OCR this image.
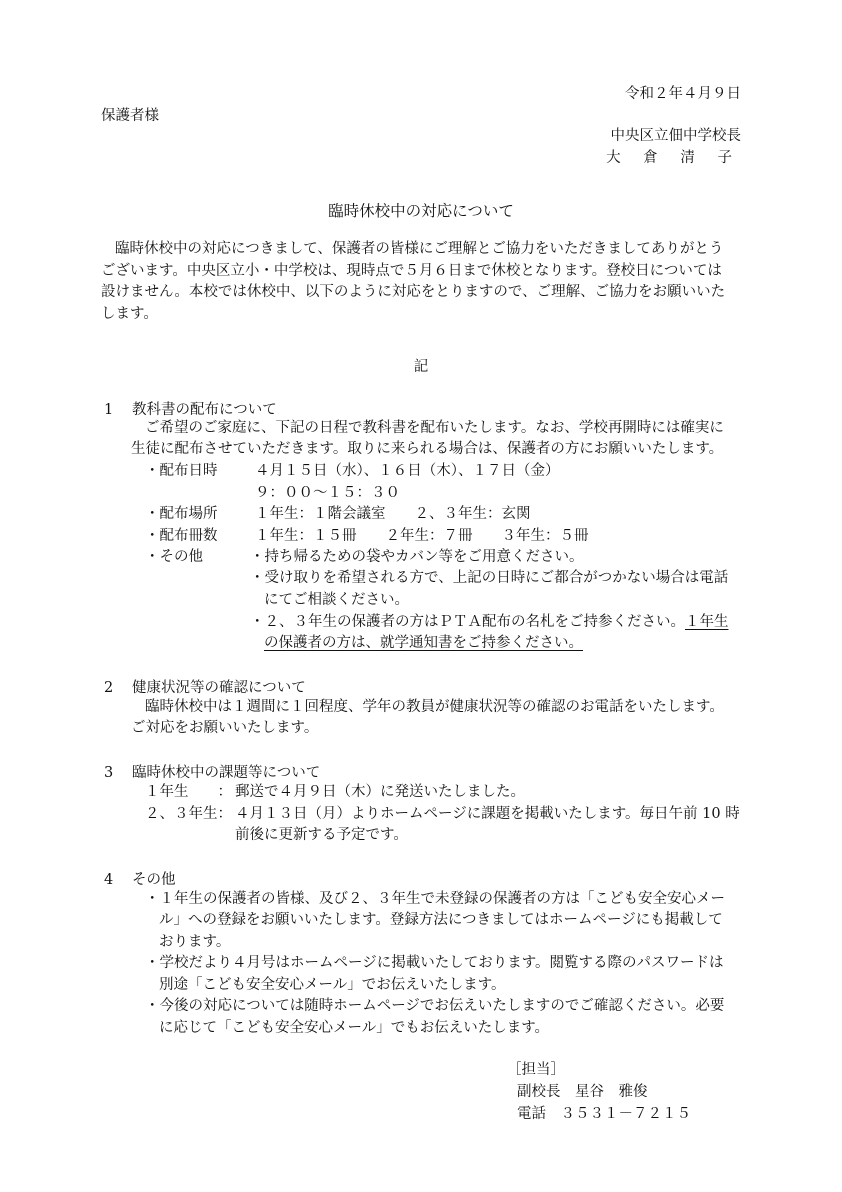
令和２年４月９日
保護者様
中央区立佃中学校長
大 倉 清 子
臨時休校中の対応について

臨時休校中の対応につきまして、保護者の皆様にご理解とご協力をいただきましてありがとう

ございます。中央区立小・中学校は、現時点で５月６日まで休校となります。登校日については

設けません。本校では休校中、以下のように対応をとりますので、ご理解、ご協力をお願いいた

します。

記
1 教科書の配布について
ご希望のご家庭に、下記の日程で教科書を配布いたします。なお、学校再開時には確実に
生徒に配布させていただきます。取りに来られる場合は、保護者の方にお願いいたします。
・配布日時	４月１５日（水）、１６日（木）、１７日（金）
９：００～１５：３０
・配布場所	１年生：１階会議室　　２、３年生：玄関
・配布冊数	１年生：１５冊　　２年生：７冊　　３年生：５冊
・その他	・持ち帰るための袋やカバン等をご用意ください。
・受け取りを希望される方で、上記の日時にご都合がつかない場合は電話
にてご相談ください。
・２、３年生の保護者の方はＰＴＡ配布の名札をご持参ください。１年生
の保護者の方は、就学通知書をご持参ください。
2 健康状況等の確認について
臨時休校中は１週間に１回程度、学年の教員が健康状況等の確認のお電話をいたします。
ご対応をお願いいたします。
3 臨時休校中の課題等について
１年生　　： 郵送で４月９日（木）に発送いたしました。
２、３年生： ４月１３日（月）よりホームページに課題を掲載いたします。毎日午前 10 時
前後に更新する予定です。
4 その他
・１年生の保護者の皆様、及び２、３年生で未登録の保護者の方は「こども安全安心メー
ル」への登録をお願いいたします。登録方法につきましてはホームページにも掲載して
おります。
・学校だより４月号はホームページに掲載いたしております。閲覧する際のパスワードは
別途「こども安全安心メール」でお伝えいたします。
・今後の対応については随時ホームページでお伝えいたしますのでご確認ください。必要
に応じて「こども安全安心メール」でもお伝えいたします。
［担当］
副校長　星谷　雅俊
電話　３５３１－７２１５
